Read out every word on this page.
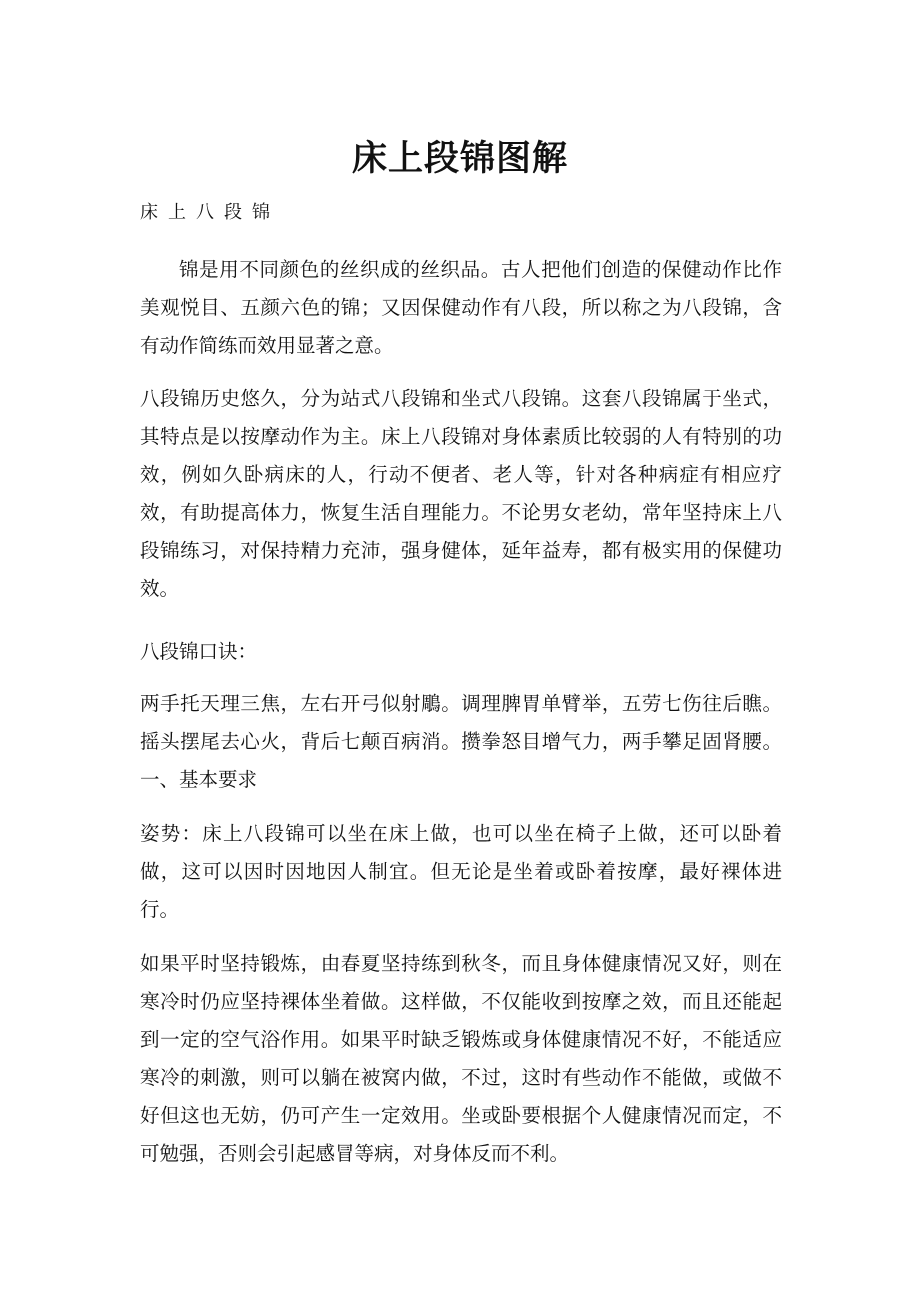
床上段锦图解
床上八段锦

锦是用不同颜色的丝织成的丝织品。古人把他们创造的保健动作比作美观悦目、五颜六色的锦；又因保健动作有八段，所以称之为八段锦，含有动作简练而效用显著之意。

八段锦历史悠久，分为站式八段锦和坐式八段锦。这套八段锦属于坐式，其特点是以按摩动作为主。床上八段锦对身体素质比较弱的人有特别的功效，例如久卧病床的人，行动不便者、老人等，针对各种病症有相应疗效，有助提高体力，恢复生活自理能力。不论男女老幼，常年坚持床上八段锦练习，对保持精力充沛，强身健体，延年益寿，都有极实用的保健功效。

八段锦口诀：

两手托天理三焦，左右开弓似射鵰。调理脾胃单臂举，五劳七伤往后瞧。 摇头摆尾去心火，背后七颠百病消。攒拳怒目增气力，两手攀足固肾腰。 一、基本要求

姿势：床上八段锦可以坐在床上做，也可以坐在椅子上做，还可以卧着做，这可以因时因地因人制宜。但无论是坐着或卧着按摩，最好裸体进行。

如果平时坚持锻炼，由春夏坚持练到秋冬，而且身体健康情况又好，则在寒冷时仍应坚持裸体坐着做。这样做，不仅能收到按摩之效，而且还能起到一定的空气浴作用。如果平时缺乏锻炼或身体健康情况不好，不能适应寒冷的刺激，则可以躺在被窝内做，不过，这时有些动作不能做，或做不好但这也无妨，仍可产生一定效用。坐或卧要根据个人健康情况而定，不可勉强，否则会引起感冒等病，对身体反而不利。
